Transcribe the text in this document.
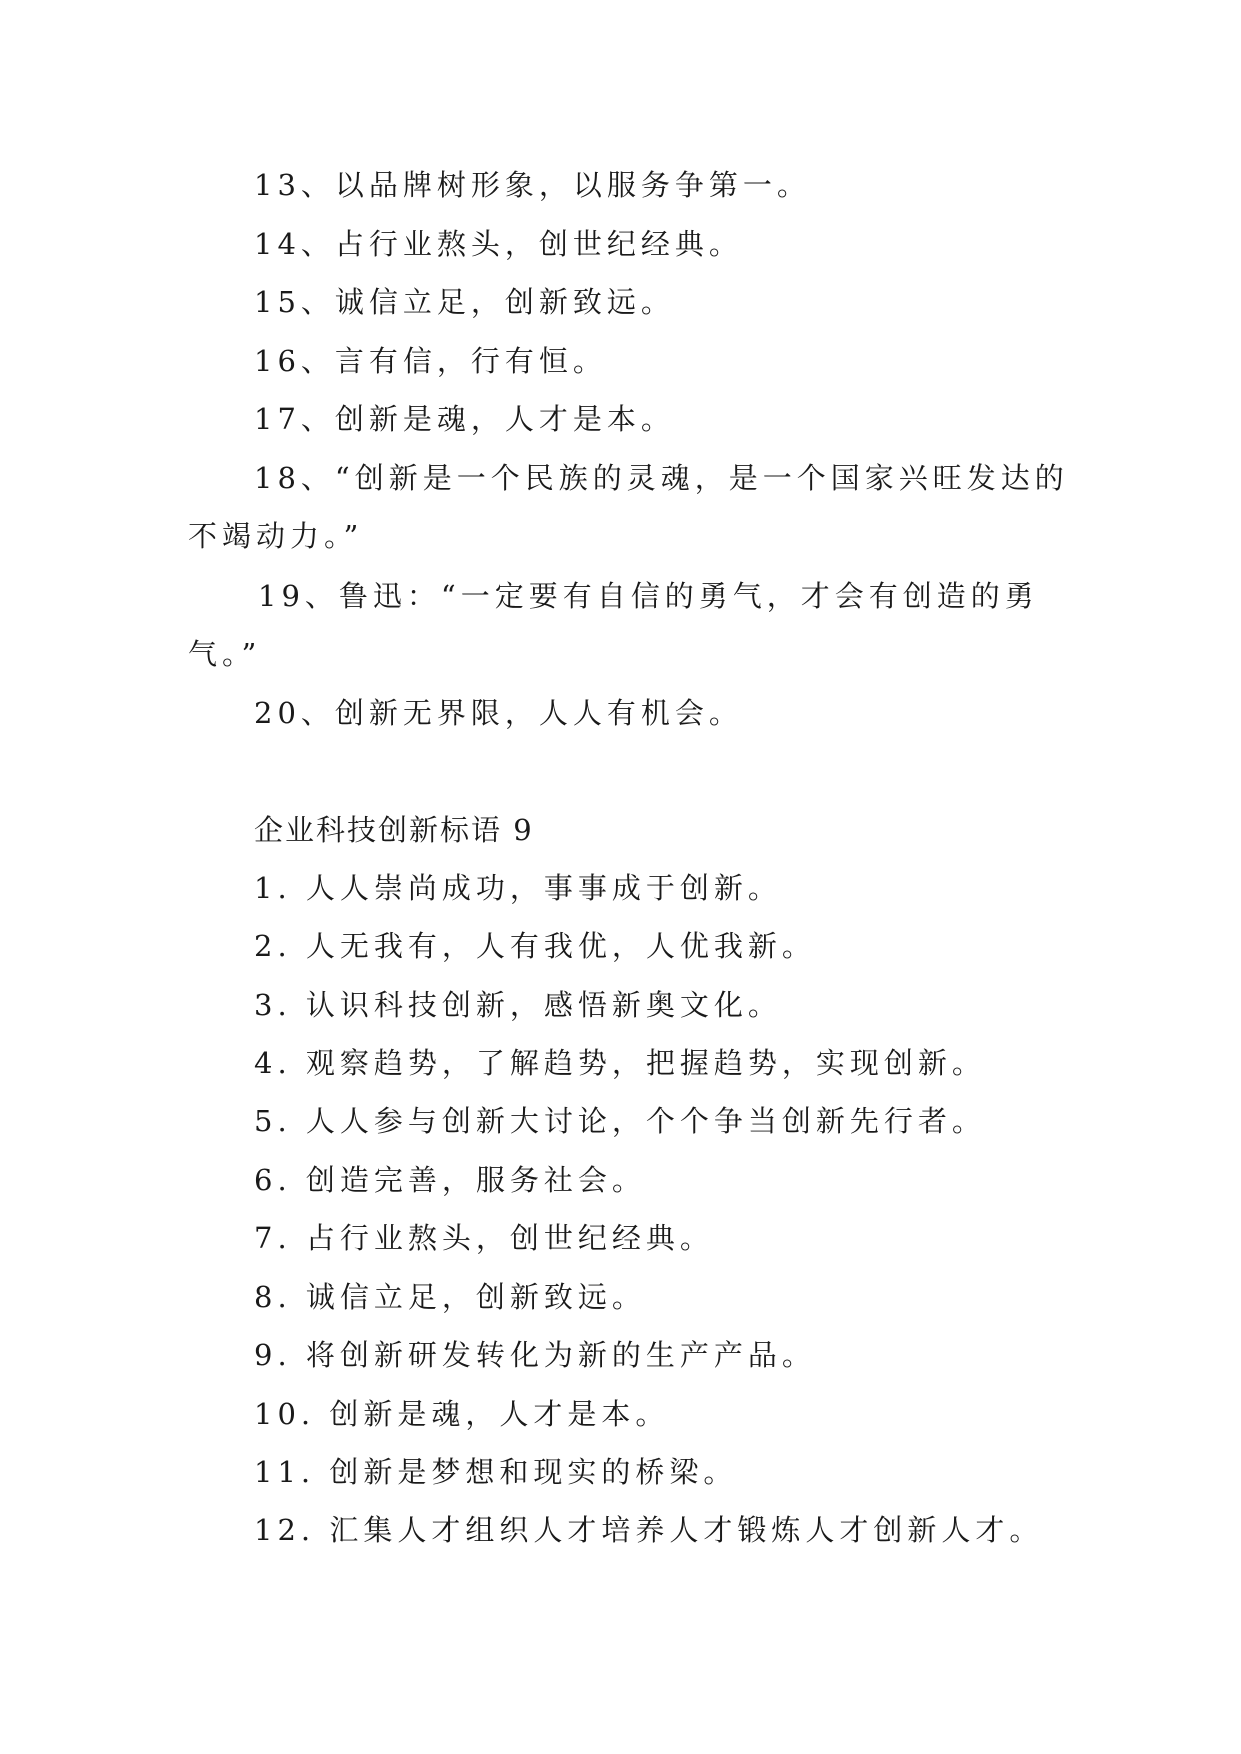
13、以品牌树形象，以服务争第一。
14、占行业熬头，创世纪经典。
15、诚信立足，创新致远。
16、言有信，行有恒。
17、创新是魂，人才是本。
18、“创新是一个民族的灵魂，是一个国家兴旺发达的
不竭动力。”
19、鲁迅：“一定要有自信的勇气，才会有创造的勇
气。”
20、创新无界限，人人有机会。
企业科技创新标语 9
1. 人人崇尚成功，事事成于创新。
2. 人无我有，人有我优，人优我新。
3. 认识科技创新，感悟新奥文化。
4. 观察趋势，了解趋势，把握趋势，实现创新。
5. 人人参与创新大讨论，个个争当创新先行者。
6. 创造完善，服务社会。
7. 占行业熬头，创世纪经典。
8. 诚信立足，创新致远。
9. 将创新研发转化为新的生产产品。
10. 创新是魂，人才是本。
11. 创新是梦想和现实的桥梁。
12. 汇集人才组织人才培养人才锻炼人才创新人才。
